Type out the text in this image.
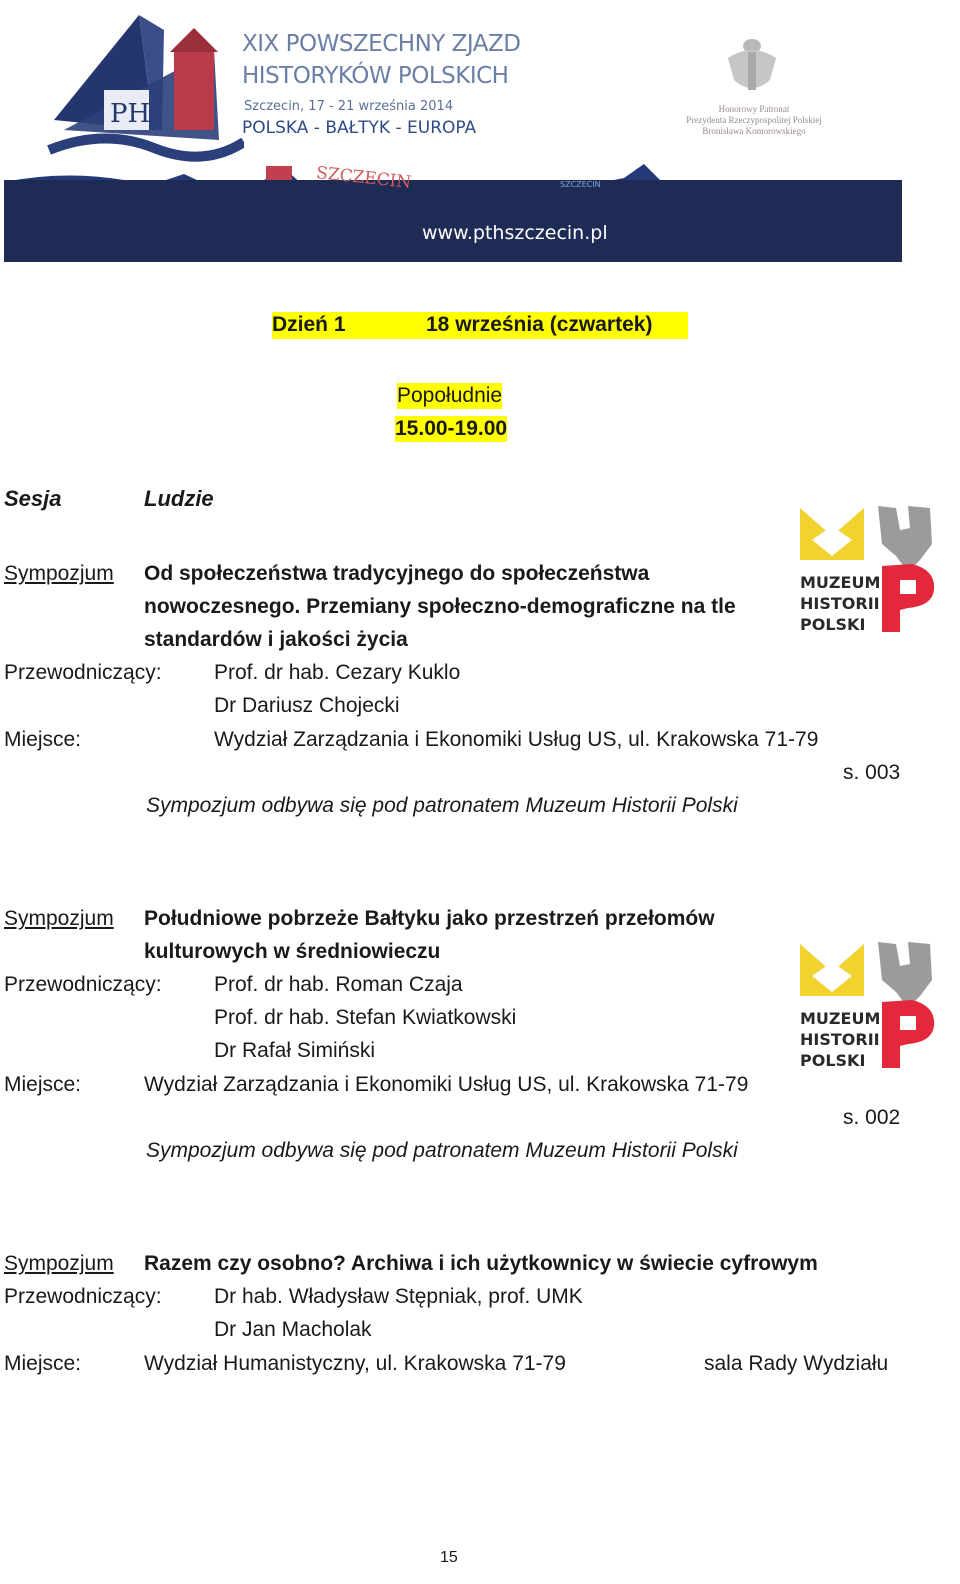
PH
XIX POWSZECHNY ZJAZD
HISTORYKÓW POLSKICH
Szczecin, 17 - 21 września 2014
POLSKA - BAŁTYK - EUROPA
Honorowy Patronat
Prezydenta Rzeczypospolitej Polskiej
Bronisława Komorowskiego
SZCZECIN	SZCZECIN
www.pthszczecin.pl
Dzień 1	18 września (czwartek)
Popołudnie
15.00-19.00
Sesja	Ludzie
Sympozjum Od społeczeństwa tradycyjnego do społeczeństwa
nowoczesnego. Przemiany społeczno-demograficzne na tle
standardów i jakości życia
Przewodniczący: Prof. dr hab. Cezary Kuklo
Dr Dariusz Chojecki
Miejsce:	Wydział Zarządzania i Ekonomiki Usług US, ul. Krakowska 71-79
s. 003
Sympozjum odbywa się pod patronatem Muzeum Historii Polski
MUZEUM
HISTORII
POLSKI
Sympozjum Południowe pobrzeże Bałtyku jako przestrzeń przełomów
kulturowych w średniowieczu
Przewodniczący: Prof. dr hab. Roman Czaja
Prof. dr hab. Stefan Kwiatkowski
Dr Rafał Simiński
Miejsce:	Wydział Zarządzania i Ekonomiki Usług US, ul. Krakowska 71-79
s. 002
Sympozjum odbywa się pod patronatem Muzeum Historii Polski
MUZEUM
HISTORII
POLSKI
Sympozjum Razem czy osobno? Archiwa i ich użytkownicy w świecie cyfrowym
Przewodniczący: Dr hab. Władysław Stępniak, prof. UMK
Dr Jan Macholak
Miejsce:	Wydział Humanistyczny, ul. Krakowska 71-79	sala Rady Wydziału
15
